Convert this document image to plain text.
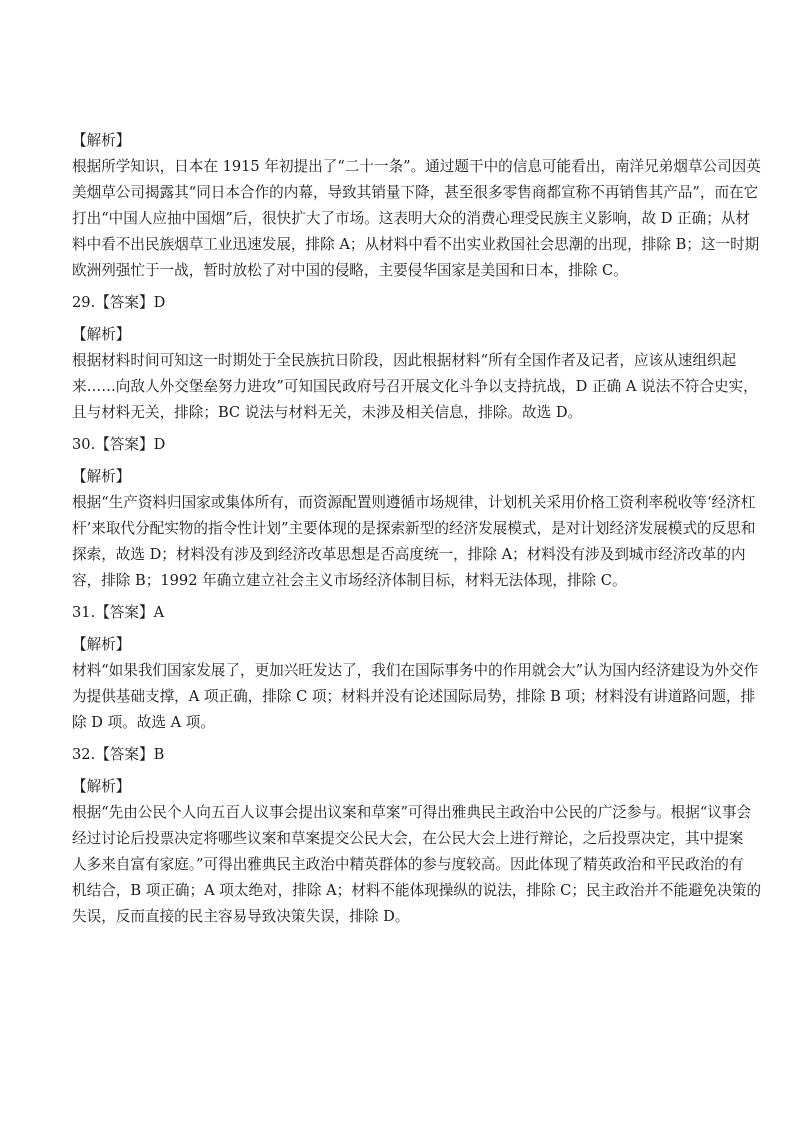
【解析】

根据所学知识，日本在 1915 年初提出了“二十一条”。通过题干中的信息可能看出，南洋兄弟烟草公司因英

美烟草公司揭露其“同日本合作的内幕，导致其销量下降，甚至很多零售商都宣称不再销售其产品”，而在它

打出“中国人应抽中国烟”后，很快扩大了市场。这表明大众的消费心理受民族主义影响，故 D 正确；从材

料中看不出民族烟草工业迅速发展，排除 A；从材料中看不出实业救国社会思潮的出现，排除 B；这一时期

欧洲列强忙于一战，暂时放松了对中国的侵略，主要侵华国家是美国和日本，排除 C。

29.【答案】D

【解析】

根据材料时间可知这一时期处于全民族抗日阶段，因此根据材料“所有全国作者及记者，应该从速组织起

来……向敌人外交堡垒努力进攻”可知国民政府号召开展文化斗争以支持抗战，D 正确 A 说法不符合史实，

且与材料无关，排除；BC 说法与材料无关，未涉及相关信息，排除。故选 D。

30.【答案】D

【解析】

根据“生产资料归国家或集体所有，而资源配置则遵循市场规律，计划机关采用价格工资利率税收等‘经济杠

杆’来取代分配实物的指令性计划”主要体现的是探索新型的经济发展模式，是对计划经济发展模式的反思和

探索，故选 D；材料没有涉及到经济改革思想是否高度统一，排除 A；材料没有涉及到城市经济改革的内

容，排除 B；1992 年确立建立社会主义市场经济体制目标，材料无法体现，排除 C。

31.【答案】A

【解析】

材料“如果我们国家发展了，更加兴旺发达了，我们在国际事务中的作用就会大”认为国内经济建设为外交作

为提供基础支撑，A 项正确，排除 C 项；材料并没有论述国际局势，排除 B 项；材料没有讲道路问题，排

除 D 项。故选 A 项。

32.【答案】B

【解析】

根据“先由公民个人向五百人议事会提出议案和草案”可得出雅典民主政治中公民的广泛参与。根据“议事会

经过讨论后投票决定将哪些议案和草案提交公民大会，在公民大会上进行辩论，之后投票决定，其中提案

人多来自富有家庭。”可得出雅典民主政治中精英群体的参与度较高。因此体现了精英政治和平民政治的有

机结合，B 项正确；A 项太绝对，排除 A；材料不能体现操纵的说法，排除 C；民主政治并不能避免决策的

失误，反而直接的民主容易导致决策失误，排除 D。
